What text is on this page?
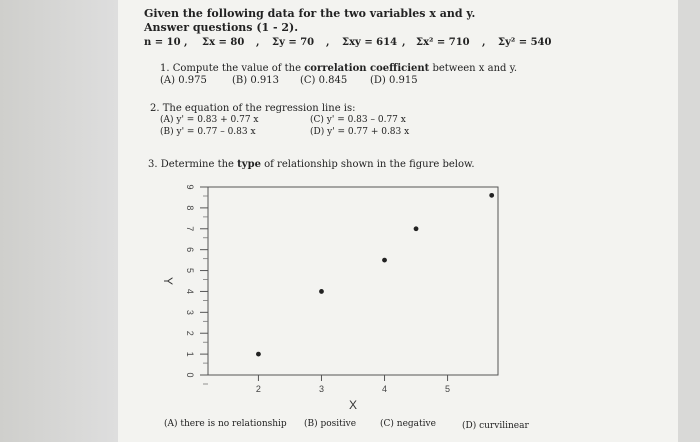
Given the following data for the two variables x and y.
Answer questions (1 - 2).
n = 10 , Σx = 80 , Σy = 70 , Σxy = 614 , Σx² = 710 , Σy² = 540
1. Compute the value of the correlation coefficient between x and y.
(A) 0.975	(B) 0.913 (C) 0.845 (D) 0.915
2. The equation of the regression line is:
(A) y' = 0.83 + 0.77 x	(C) y' = 0.83 – 0.77 x
(B) y' = 0.77 – 0.83 x	(D) y' = 0.77 + 0.83 x
3. Determine the type of relationship shown in the figure below.
0
1
2
3
4
5
6
7
8
9
2	3	4	5
X
Y
(A) there is no relationship (B) positive	(C) negative	(D) curvilinear
